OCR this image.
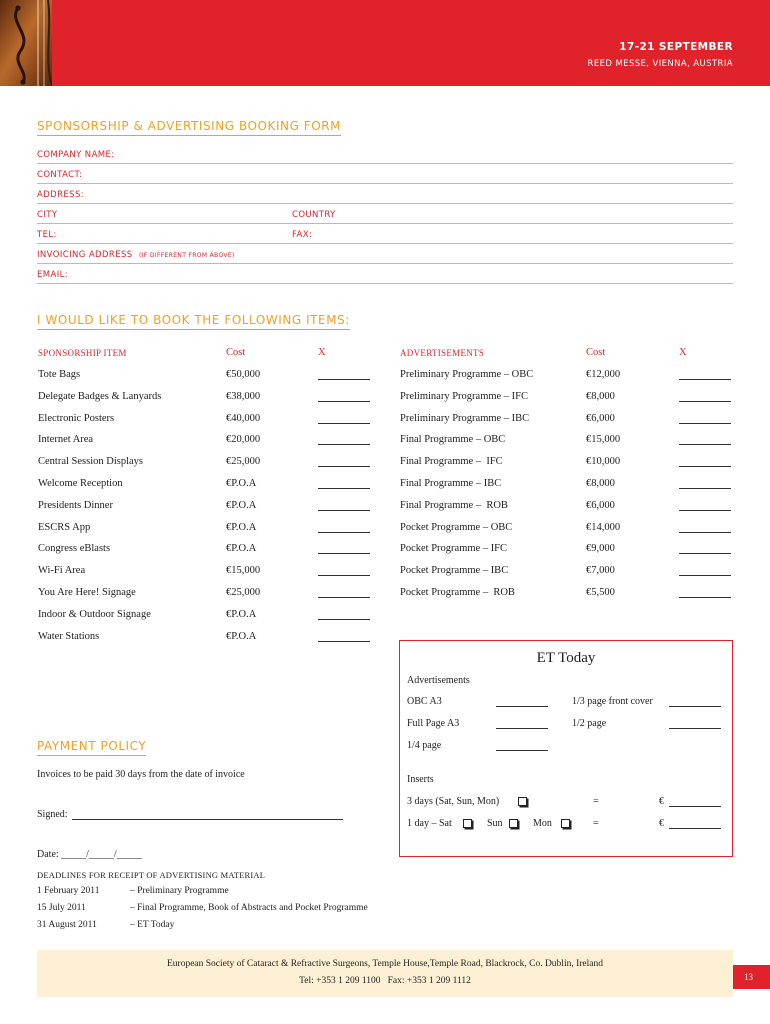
17-21 SEPTEMBER
REED MESSE, VIENNA, AUSTRIA
SPONSORSHIP & ADVERTISING BOOKING FORM
COMPANY NAME:
CONTACT:
ADDRESS:
CITY	COUNTRY
TEL:	FAX:
INVOICING ADDRESS (IF DIFFERENT FROM ABOVE)
EMAIL:
I WOULD LIKE TO BOOK THE FOLLOWING ITEMS:
SPONSORSHIP ITEM	Cost	X
Tote Bags	€50,000
Delegate Badges & Lanyards	€38,000
Electronic Posters	€40,000
Internet Area	€20,000
Central Session Displays	€25,000
Welcome Reception	€P.O.A
Presidents Dinner	€P.O.A
ESCRS App	€P.O.A
Congress eBlasts	€P.O.A
Wi-Fi Area	€15,000
You Are Here! Signage	€25,000
Indoor & Outdoor Signage	€P.O.A
Water Stations	€P.O.A
ADVERTISEMENTS	Cost	X
Preliminary Programme – OBC	€12,000
Preliminary Programme – IFC	€8,000
Preliminary Programme – IBC	€6,000
Final Programme – OBC	€15,000
Final Programme –  IFC	€10,000
Final Programme – IBC	€8,000
Final Programme –  ROB	€6,000
Pocket Programme – OBC	€14,000
Pocket Programme – IFC	€9,000
Pocket Programme – IBC	€7,000
Pocket Programme –  ROB	€5,500
ET Today
Advertisements
OBC A3	1/3 page front cover
Full Page A3	1/2 page
1/4 page
Inserts
3 days (Sat, Sun, Mon)	=	€
1 day – Sat	Sun	Mon	=	€
PAYMENT POLICY
Invoices to be paid 30 days from the date of invoice
Signed:
Date: _____/_____/_____
DEADLINES FOR RECEIPT OF ADVERTISING MATERIAL
1 February 2011	– Preliminary Programme
15 July 2011	– Final Programme, Book of Abstracts and Pocket Programme
31 August 2011	– ET Today
European Society of Cataract & Refractive Surgeons, Temple House,Temple Road, Blackrock, Co. Dublin, Ireland
Tel: +353 1 209 1100   Fax: +353 1 209 1112	13
